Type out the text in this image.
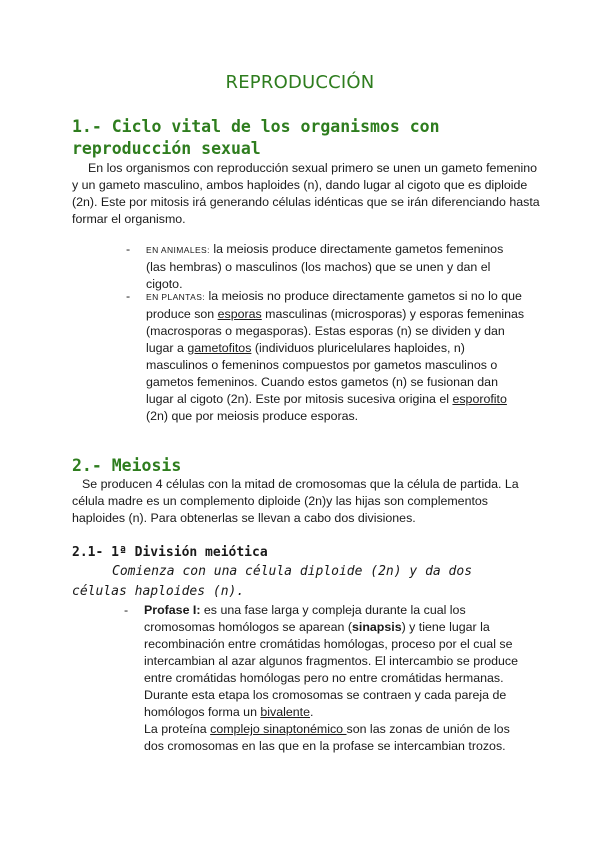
REPRODUCCIÓN
1.- Ciclo vital de los organismos con reproducción sexual

En los organismos con reproducción sexual primero se unen un gameto femenino y un gameto masculino, ambos haploides (n), dando lugar al cigoto que es diploide (2n). Este por mitosis irá generando células idénticas que se irán diferenciando hasta formar el organismo.

- EN ANIMALES: la meiosis produce directamente gametos femeninos (las hembras) o masculinos (los machos) que se unen y dan el cigoto.

- EN PLANTAS: la meiosis no produce directamente gametos si no lo que produce son esporas masculinas (microsporas) y esporas femeninas (macrosporas o megasporas). Estas esporas (n) se dividen y dan lugar a gametofitos (individuos pluricelulares haploides, n) masculinos o femeninos compuestos por gametos masculinos o gametos femeninos. Cuando estos gametos (n) se fusionan dan lugar al cigoto (2n). Este por mitosis sucesiva origina el esporofito (2n) que por meiosis produce esporas.

2.- Meiosis

Se producen 4 células con la mitad de cromosomas que la célula de partida. La célula madre es un complemento diploide (2n)y las hijas son complementos haploides (n). Para obtenerlas se llevan a cabo dos divisiones.

2.1- 1ª División meiótica
Comienza con una célula diploide (2n) y da dos
células haploides (n).
- Profase I: es una fase larga y compleja durante la cual los cromosomas homólogos se aparean (sinapsis) y tiene lugar la recombinación entre cromátidas homólogas, proceso por el cual se intercambian al azar algunos fragmentos. El intercambio se produce entre cromátidas homólogas pero no entre cromátidas hermanas. Durante esta etapa los cromosomas se contraen y cada pareja de homólogos forma un bivalente.
La proteína complejo sinaptonémico son las zonas de unión de los dos cromosomas en las que en la profase se intercambian trozos.
